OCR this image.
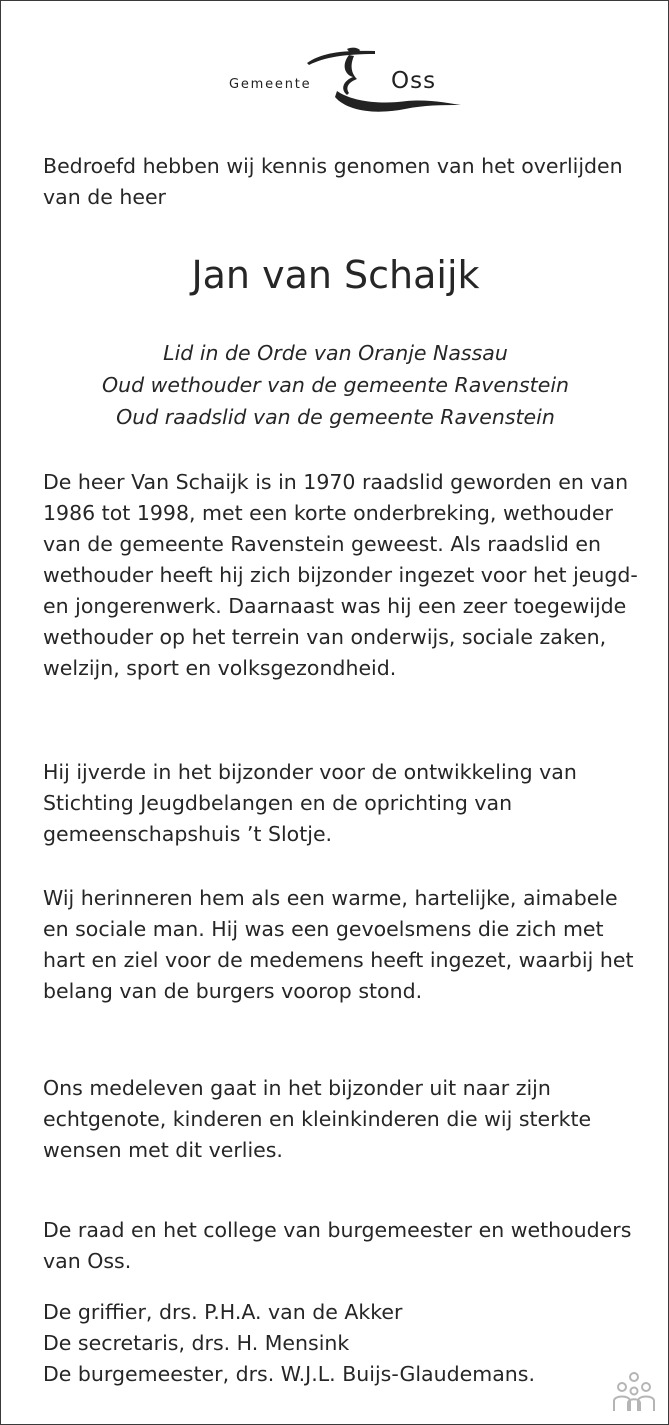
Gemeente	Oss

Bedroefd hebben wij kennis genomen van het overlijden van de heer

Jan van Schaijk
Lid in de Orde van Oranje Nassau
Oud wethouder van de gemeente Ravenstein
Oud raadslid van de gemeente Ravenstein

De heer Van Schaijk is in 1970 raadslid geworden en van 1986 tot 1998, met een korte onderbreking, wethouder van de gemeente Ravenstein geweest. Als raadslid en wethouder heeft hij zich bijzonder ingezet voor het jeugd- en jongerenwerk. Daarnaast was hij een zeer toegewijde wethouder op het terrein van onderwijs, sociale zaken, welzijn, sport en volksgezondheid.

Hij ijverde in het bijzonder voor de ontwikkeling van Stichting Jeugdbelangen en de oprichting van gemeenschapshuis ’t Slotje.

Wij herinneren hem als een warme, hartelijke, aimabele en sociale man. Hij was een gevoelsmens die zich met hart en ziel voor de medemens heeft ingezet, waarbij het belang van de burgers voorop stond.

Ons medeleven gaat in het bijzonder uit naar zijn echtgenote, kinderen en kleinkinderen die wij sterkte wensen met dit verlies.

De raad en het college van burgemeester en wethouders van Oss.

De griffier, drs. P.H.A. van de Akker
De secretaris, drs. H. Mensink
De burgemeester, drs. W.J.L. Buijs-Glaudemans.
